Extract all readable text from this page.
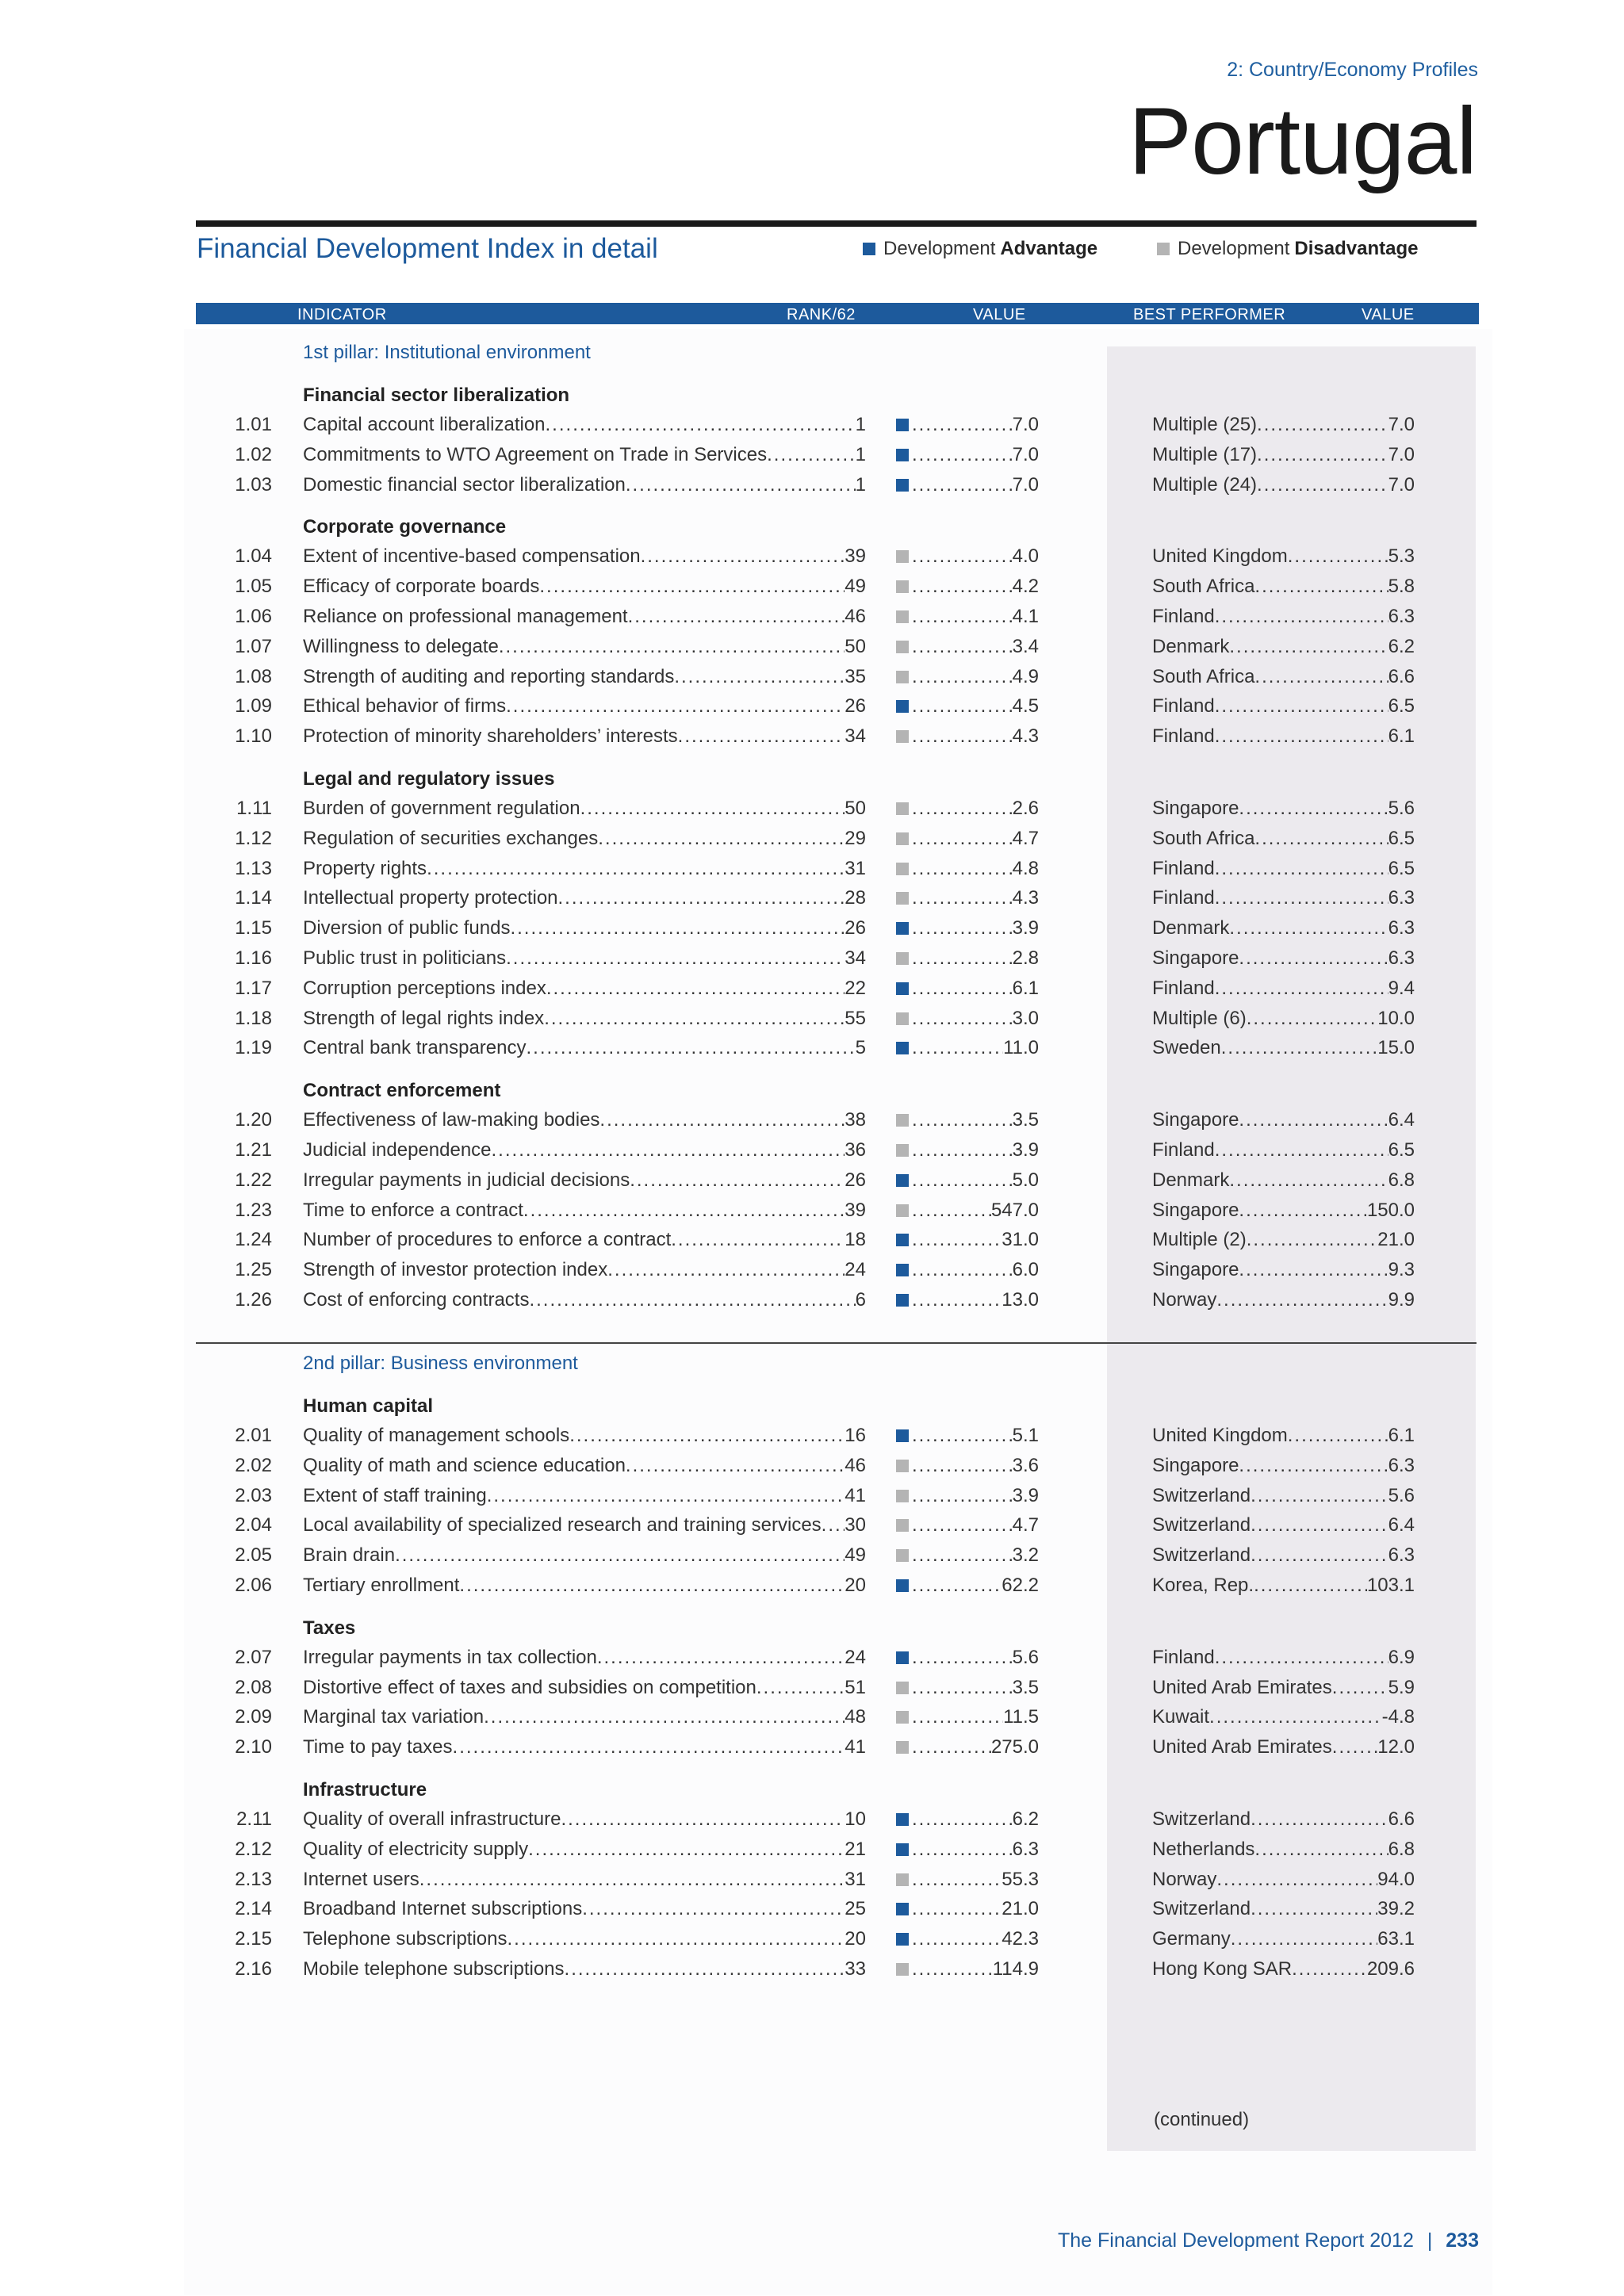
2: Country/Economy Profiles
Portugal
Financial Development Index in detail	Development Advantage	Development Disadvantage
INDICATOR	RANK/62	VALUE	BEST PERFORMER	VALUE
1st pillar: Institutional environment
Financial sector liberalization
1.01 Capital account liberalization .....	1 .....	7.0	Multiple (25) .....	7.0
1.02 Commitments to WTO Agreement on Trade in Services .....	1 .....	7.0	Multiple (17) .....	7.0
1.03 Domestic financial sector liberalization .....	1 .....	7.0	Multiple (24) .....	7.0
Corporate governance
1.04 Extent of incentive-based compensation .....	39 .....	4.0	United Kingdom .....	5.3
1.05 Efficacy of corporate boards .....	49 .....	4.2	South Africa .....	5.8
1.06 Reliance on professional management .....	46 .....	4.1	Finland .....	6.3
1.07 Willingness to delegate .....	50 .....	3.4	Denmark .....	6.2
1.08 Strength of auditing and reporting standards .....	35 .....	4.9	South Africa .....	6.6
1.09 Ethical behavior of firms .....	26 .....	4.5	Finland .....	6.5
1.10 Protection of minority shareholders’ interests .....	34 .....	4.3	Finland .....	6.1
Legal and regulatory issues
1.11 Burden of government regulation .....	50 .....	2.6	Singapore .....	5.6
1.12 Regulation of securities exchanges .....	29 .....	4.7	South Africa .....	6.5
1.13 Property rights .....	31 .....	4.8	Finland .....	6.5
1.14 Intellectual property protection .....	28 .....	4.3	Finland .....	6.3
1.15 Diversion of public funds .....	26 .....	3.9	Denmark .....	6.3
1.16 Public trust in politicians .....	34 .....	2.8	Singapore .....	6.3
1.17 Corruption perceptions index .....	22 .....	6.1	Finland .....	9.4
1.18 Strength of legal rights index .....	55 .....	3.0	Multiple (6) .....	10.0
1.19 Central bank transparency .....	5 .....	11.0	Sweden .....	15.0
Contract enforcement
1.20 Effectiveness of law-making bodies .....	38 .....	3.5	Singapore .....	6.4
1.21 Judicial independence .....	36 .....	3.9	Finland .....	6.5
1.22 Irregular payments in judicial decisions .....	26 .....	5.0	Denmark .....	6.8
1.23 Time to enforce a contract .....	39 .....	547.0	Singapore .....	150.0
1.24 Number of procedures to enforce a contract .....	18 .....	31.0	Multiple (2) .....	21.0
1.25 Strength of investor protection index .....	24 .....	6.0	Singapore .....	9.3
1.26 Cost of enforcing contracts .....	6 .....	13.0	Norway .....	9.9
2nd pillar: Business environment
Human capital
2.01 Quality of management schools .....	16 .....	5.1	United Kingdom .....	6.1
2.02 Quality of math and science education .....	46 .....	3.6	Singapore .....	6.3
2.03 Extent of staff training .....	41 .....	3.9	Switzerland .....	5.6
2.04 Local availability of specialized research and training services ..... 30 .....	4.7	Switzerland .....	6.4
2.05 Brain drain .....	49 .....	3.2	Switzerland .....	6.3
2.06 Tertiary enrollment .....	20 .....	62.2	Korea, Rep. .....	103.1
Taxes
2.07 Irregular payments in tax collection .....	24 .....	5.6	Finland .....	6.9
2.08 Distortive effect of taxes and subsidies on competition .....	51 .....	3.5	United Arab Emirates .....	5.9
2.09 Marginal tax variation .....	48 .....	11.5	Kuwait .....	-4.8
2.10 Time to pay taxes .....	41 .....	275.0	United Arab Emirates ..... 12.0
Infrastructure
2.11 Quality of overall infrastructure .....	10 .....	6.2	Switzerland .....	6.6
2.12 Quality of electricity supply .....	21 .....	6.3	Netherlands .....	6.8
2.13 Internet users .....	31 .....	55.3	Norway .....	94.0
2.14 Broadband Internet subscriptions .....	25 .....	21.0	Switzerland .....	39.2
2.15 Telephone subscriptions .....	20 .....	42.3	Germany .....	63.1
2.16 Mobile telephone subscriptions .....	33 .....	114.9	Hong Kong SAR .....	209.6
(continued)
The Financial Development Report 2012 | 233
